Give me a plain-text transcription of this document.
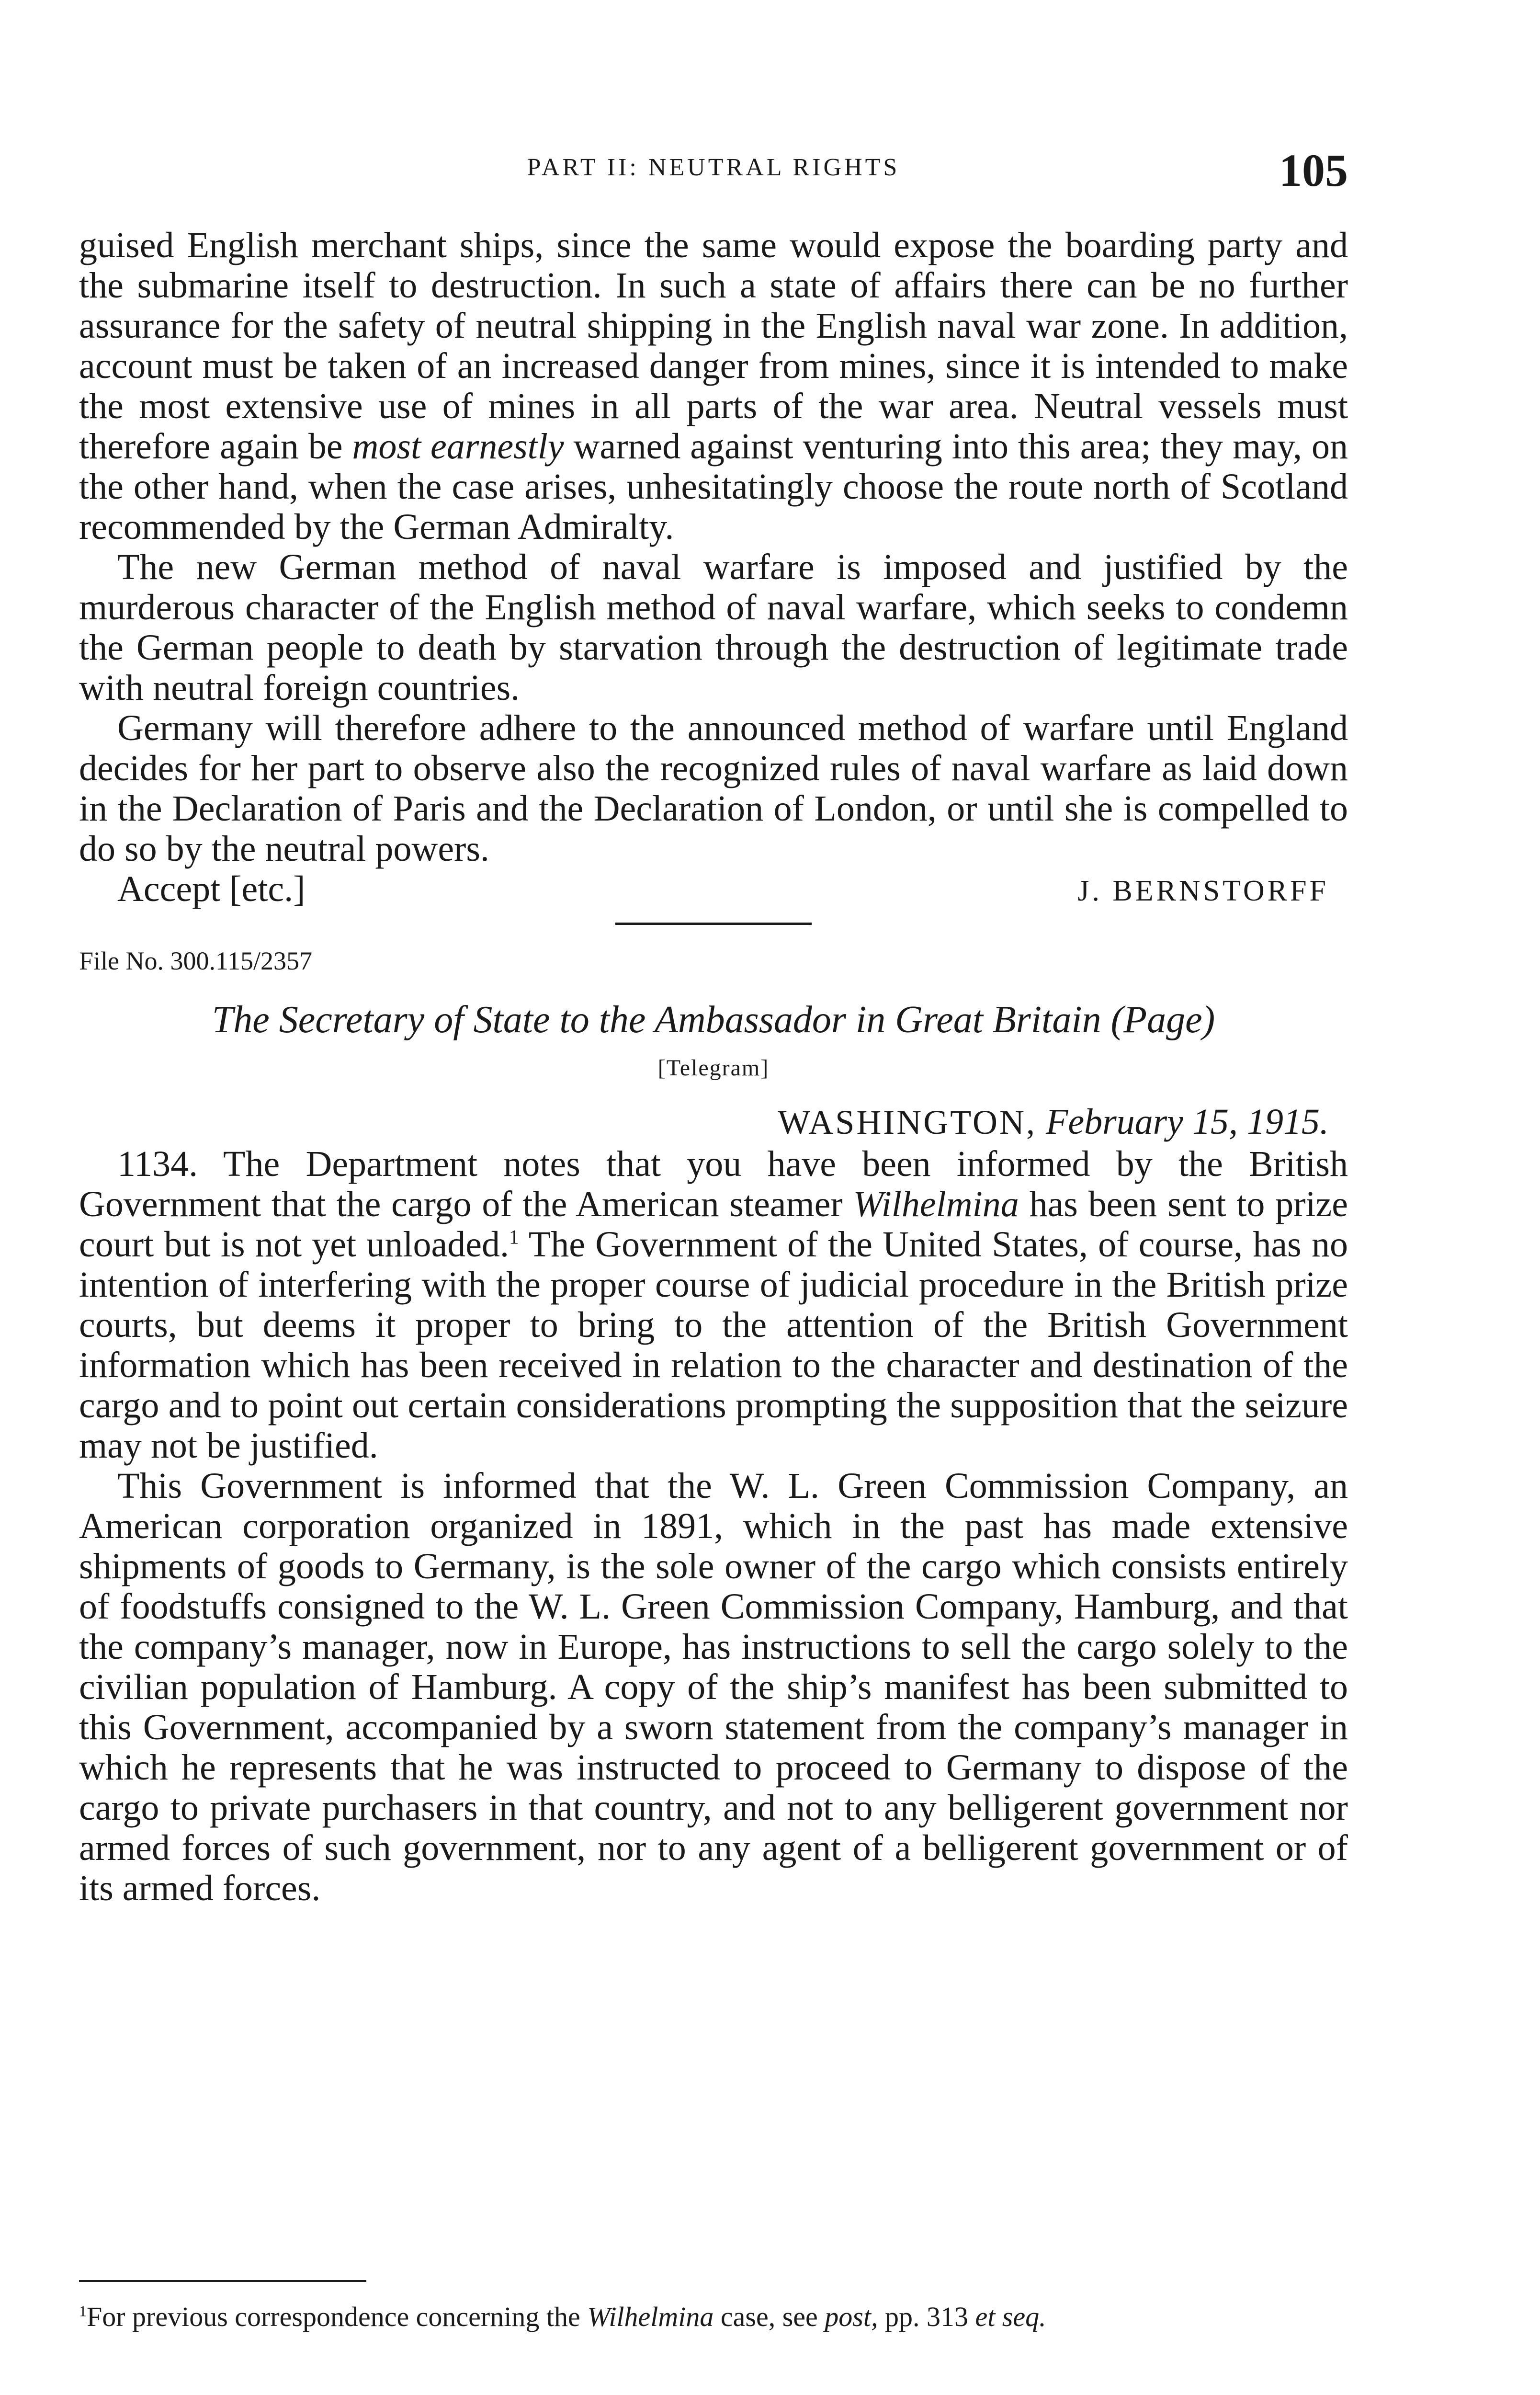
PART II: NEUTRAL RIGHTS	105

guised English merchant ships, since the same would expose the boarding party and the submarine itself to destruction. In such a state of affairs there can be no further assurance for the safety of neutral shipping in the English naval war zone. In addition, account must be taken of an increased danger from mines, since it is intended to make the most extensive use of mines in all parts of the war area. Neutral vessels must therefore again be most earnestly warned against venturing into this area; they may, on the other hand, when the case arises, unhesitatingly choose the route north of Scotland recommended by the German Admiralty.

The new German method of naval warfare is imposed and justified by the murderous character of the English method of naval warfare, which seeks to condemn the German people to death by starvation through the destruction of legitimate trade with neutral foreign countries.

Germany will therefore adhere to the announced method of warfare until England decides for her part to observe also the recognized rules of naval warfare as laid down in the Declaration of Paris and the Declaration of London, or until she is compelled to do so by the neutral powers.

Accept [etc.]	J. BERNSTORFF
File No. 300.115/2357
The Secretary of State to the Ambassador in Great Britain (Page)
[Telegram]
WASHINGTON, February 15, 1915.

1134. The Department notes that you have been informed by the British Government that the cargo of the American steamer Wilhelmina has been sent to prize court but is not yet unloaded.$^1$ The Government of the United States, of course, has no intention of interfering with the proper course of judicial procedure in the British prize courts, but deems it proper to bring to the attention of the British Government information which has been received in relation to the character and destination of the cargo and to point out certain considerations prompting the supposition that the seizure may not be justified.

This Government is informed that the W. L. Green Commission Company, an American corporation organized in 1891, which in the past has made extensive shipments of goods to Germany, is the sole owner of the cargo which consists entirely of foodstuffs consigned to the W. L. Green Commission Company, Hamburg, and that the company’s manager, now in Europe, has instructions to sell the cargo solely to the civilian population of Hamburg. A copy of the ship’s manifest has been submitted to this Government, accompanied by a sworn statement from the company’s manager in which he represents that he was instructed to proceed to Germany to dispose of the cargo to private purchasers in that country, and not to any belligerent government nor armed forces of such government, nor to any agent of a belligerent government or of its armed forces.

$^1$For previous correspondence concerning the Wilhelmina case, see post, pp. 313 et seq.
